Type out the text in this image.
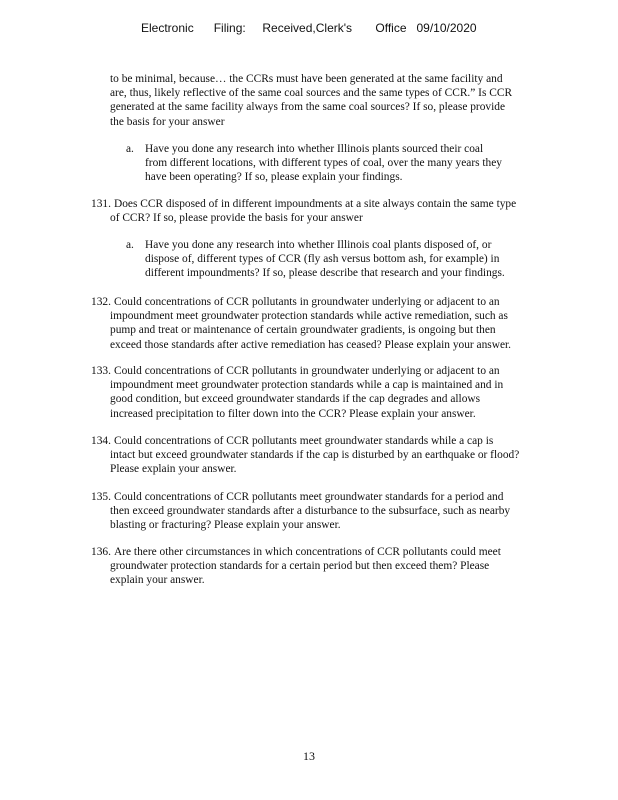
Electronic      Filing:     Received,Clerk's       Office   09/10/2020
to be minimal, because… the CCRs must have been generated at the same facility and
are, thus, likely reflective of the same coal sources and the same types of CCR.” Is CCR
generated at the same facility always from the same coal sources? If so, please provide
the basis for your answer
a. Have you done any research into whether Illinois plants sourced their coal
from different locations, with different types of coal, over the many years they
have been operating? If so, please explain your findings.
131. Does CCR disposed of in different impoundments at a site always contain the same type
of CCR? If so, please provide the basis for your answer
a. Have you done any research into whether Illinois coal plants disposed of, or
dispose of, different types of CCR (fly ash versus bottom ash, for example) in
different impoundments? If so, please describe that research and your findings.
132. Could concentrations of CCR pollutants in groundwater underlying or adjacent to an
impoundment meet groundwater protection standards while active remediation, such as
pump and treat or maintenance of certain groundwater gradients, is ongoing but then
exceed those standards after active remediation has ceased? Please explain your answer.
133. Could concentrations of CCR pollutants in groundwater underlying or adjacent to an
impoundment meet groundwater protection standards while a cap is maintained and in
good condition, but exceed groundwater standards if the cap degrades and allows
increased precipitation to filter down into the CCR? Please explain your answer.
134. Could concentrations of CCR pollutants meet groundwater standards while a cap is
intact but exceed groundwater standards if the cap is disturbed by an earthquake or flood?
Please explain your answer.
135. Could concentrations of CCR pollutants meet groundwater standards for a period and
then exceed groundwater standards after a disturbance to the subsurface, such as nearby
blasting or fracturing? Please explain your answer.
136. Are there other circumstances in which concentrations of CCR pollutants could meet
groundwater protection standards for a certain period but then exceed them? Please
explain your answer.
13
